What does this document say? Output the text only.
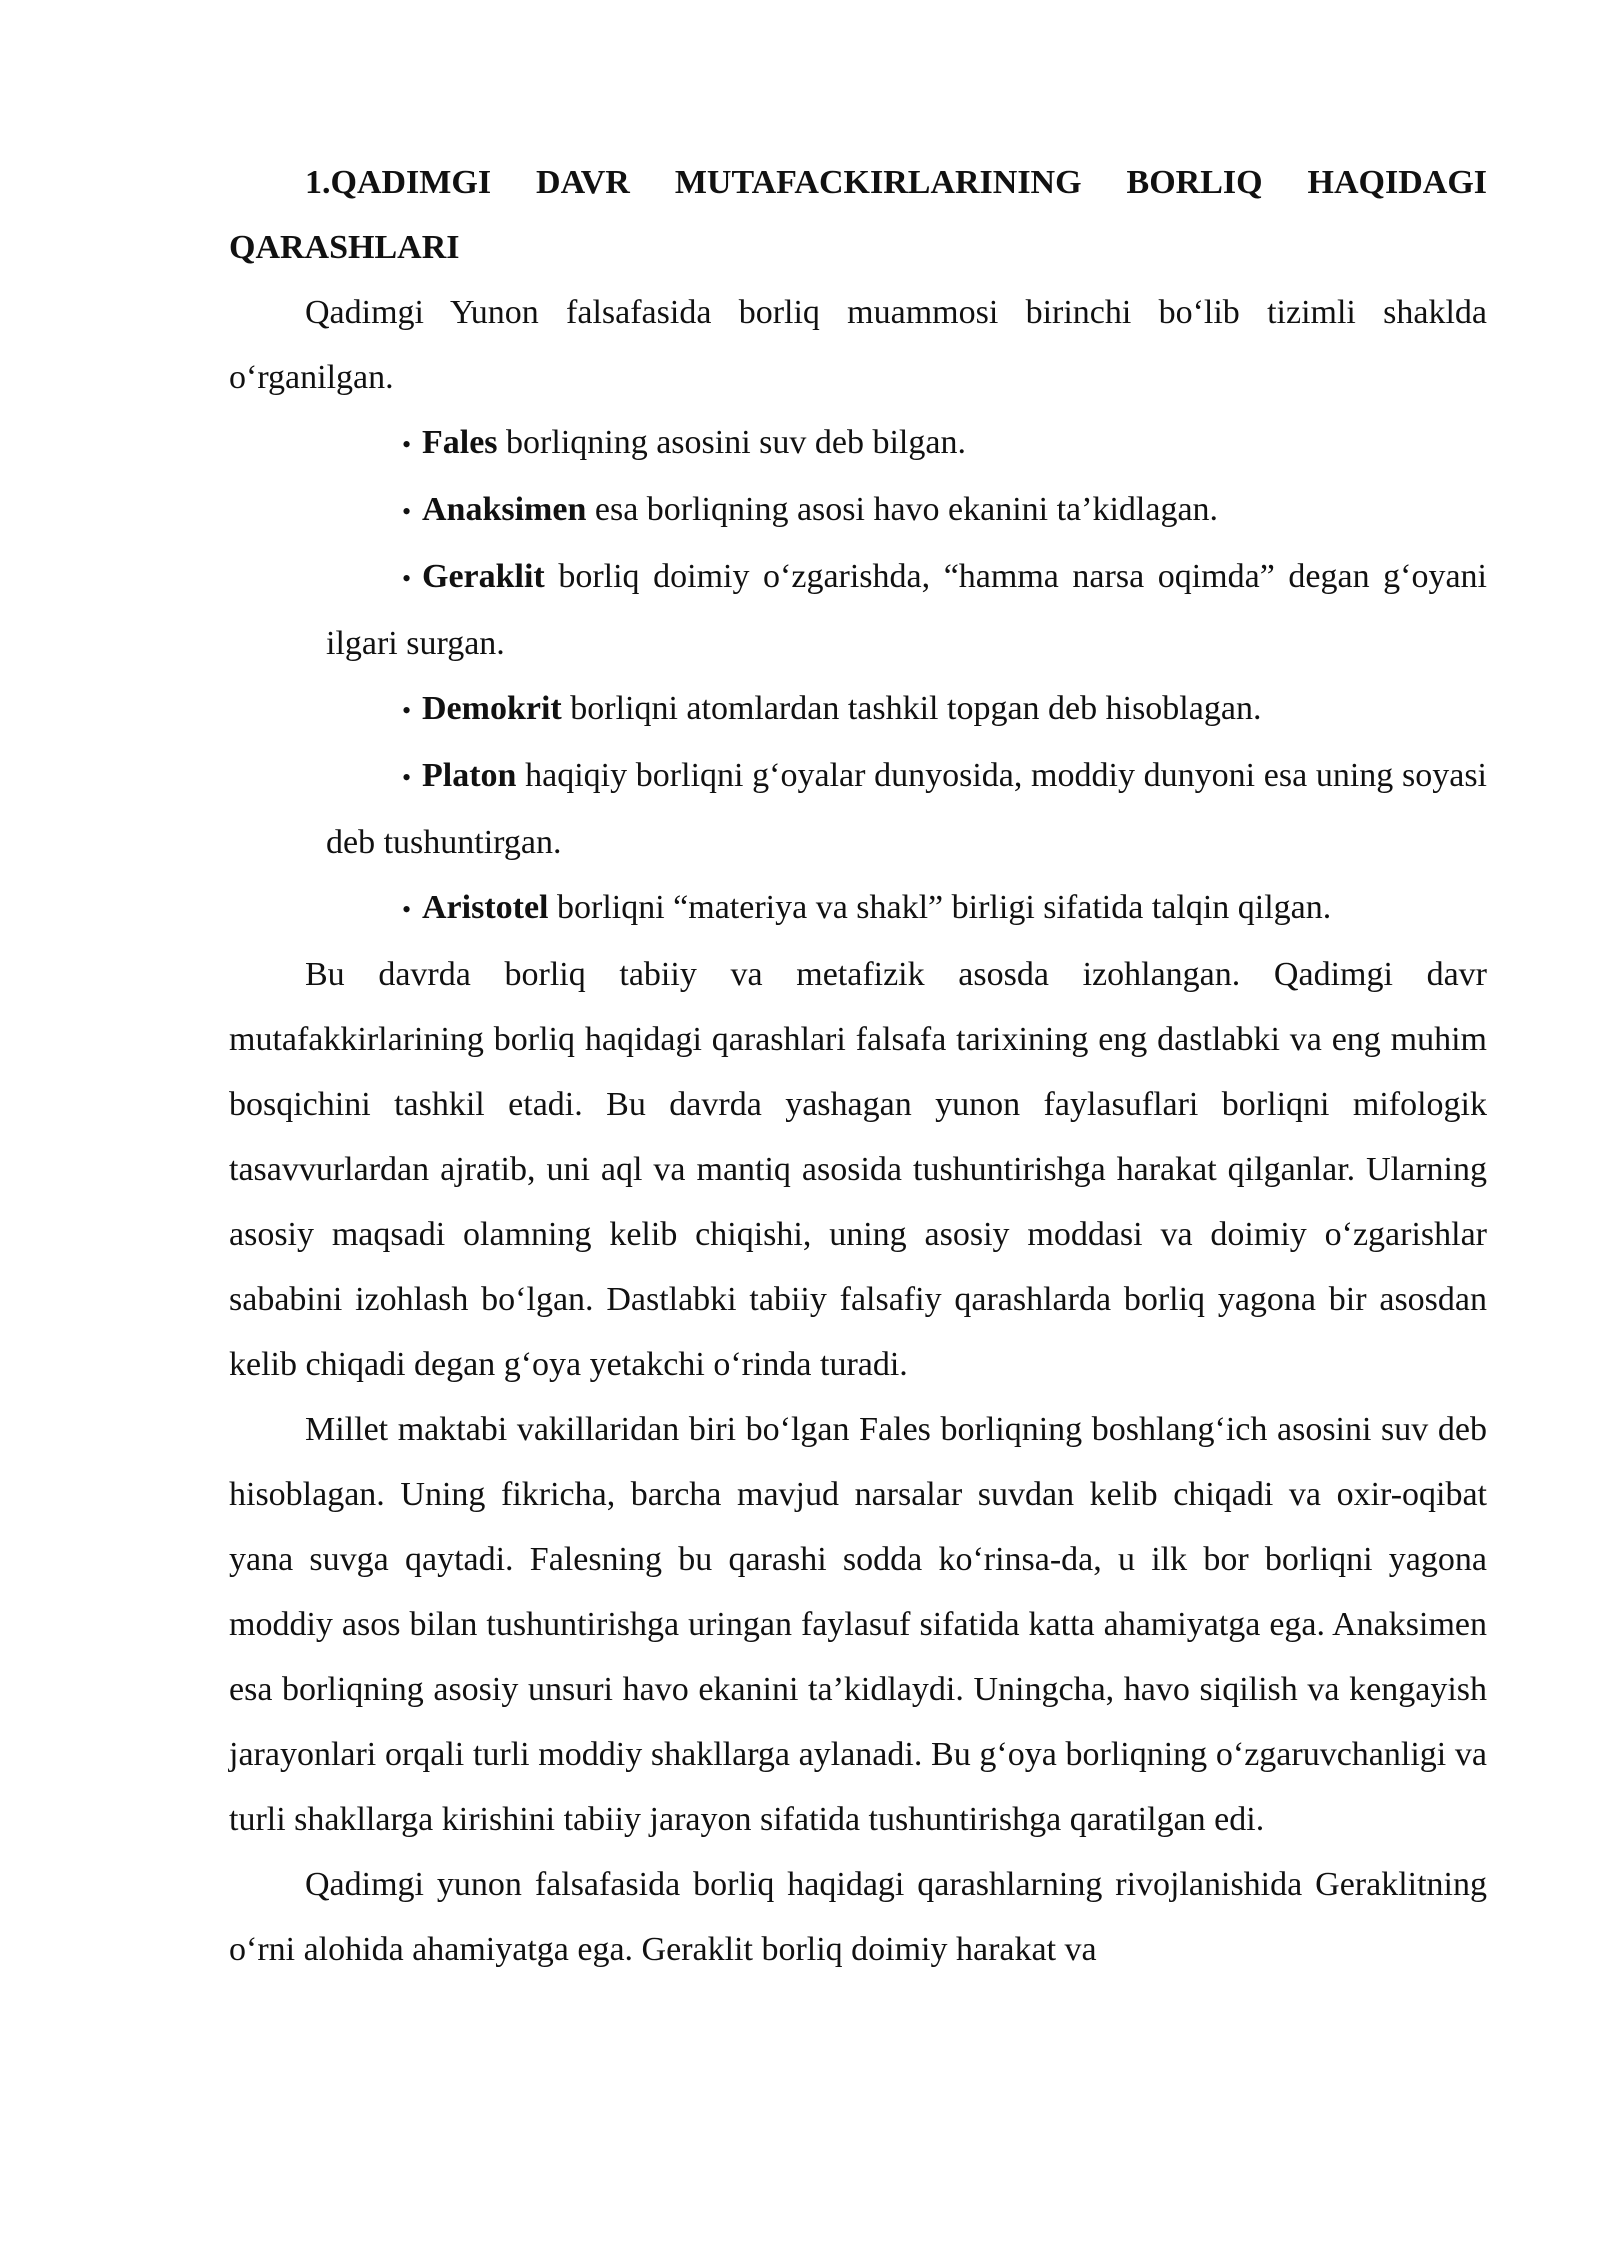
1.QADIMGI DAVR MUTAFACKIRLARINING BORLIQ HAQIDAGI QARASHLARI

Qadimgi Yunon falsafasida borliq muammosi birinchi bo‘lib tizimli shaklda o‘rganilgan.

• Fales borliqning asosini suv deb bilgan.
• Anaksimen esa borliqning asosi havo ekanini ta’kidlagan.
• Geraklit borliq doimiy o‘zgarishda, “hamma narsa oqimda” degan g‘oyani ilgari surgan.
• Demokrit borliqni atomlardan tashkil topgan deb hisoblagan.
• Platon haqiqiy borliqni g‘oyalar dunyosida, moddiy dunyoni esa uning soyasi deb tushuntirgan.
• Aristotel borliqni “materiya va shakl” birligi sifatida talqin qilgan.

Bu davrda borliq tabiiy va metafizik asosda izohlangan. Qadimgi davr mutafakkirlarining borliq haqidagi qarashlari falsafa tarixining eng dastlabki va eng muhim bosqichini tashkil etadi. Bu davrda yashagan yunon faylasuflari borliqni mifologik tasavvurlardan ajratib, uni aql va mantiq asosida tushuntirishga harakat qilganlar. Ularning asosiy maqsadi olamning kelib chiqishi, uning asosiy moddasi va doimiy o‘zgarishlar sababini izohlash bo‘lgan. Dastlabki tabiiy falsafiy qarashlarda borliq yagona bir asosdan kelib chiqadi degan g‘oya yetakchi o‘rinda turadi.

Millet maktabi vakillaridan biri bo‘lgan Fales borliqning boshlang‘ich asosini suv deb hisoblagan. Uning fikricha, barcha mavjud narsalar suvdan kelib chiqadi va oxir-oqibat yana suvga qaytadi. Falesning bu qarashi sodda ko‘rinsa-da, u ilk bor borliqni yagona moddiy asos bilan tushuntirishga uringan faylasuf sifatida katta ahamiyatga ega. Anaksimen esa borliqning asosiy unsuri havo ekanini ta’kidlaydi. Uningcha, havo siqilish va kengayish jarayonlari orqali turli moddiy shakllarga aylanadi. Bu g‘oya borliqning o‘zgaruvchanligi va turli shakllarga kirishini tabiiy jarayon sifatida tushuntirishga qaratilgan edi.

Qadimgi yunon falsafasida borliq haqidagi qarashlarning rivojlanishida Geraklitning o‘rni alohida ahamiyatga ega. Geraklit borliq doimiy harakat va
